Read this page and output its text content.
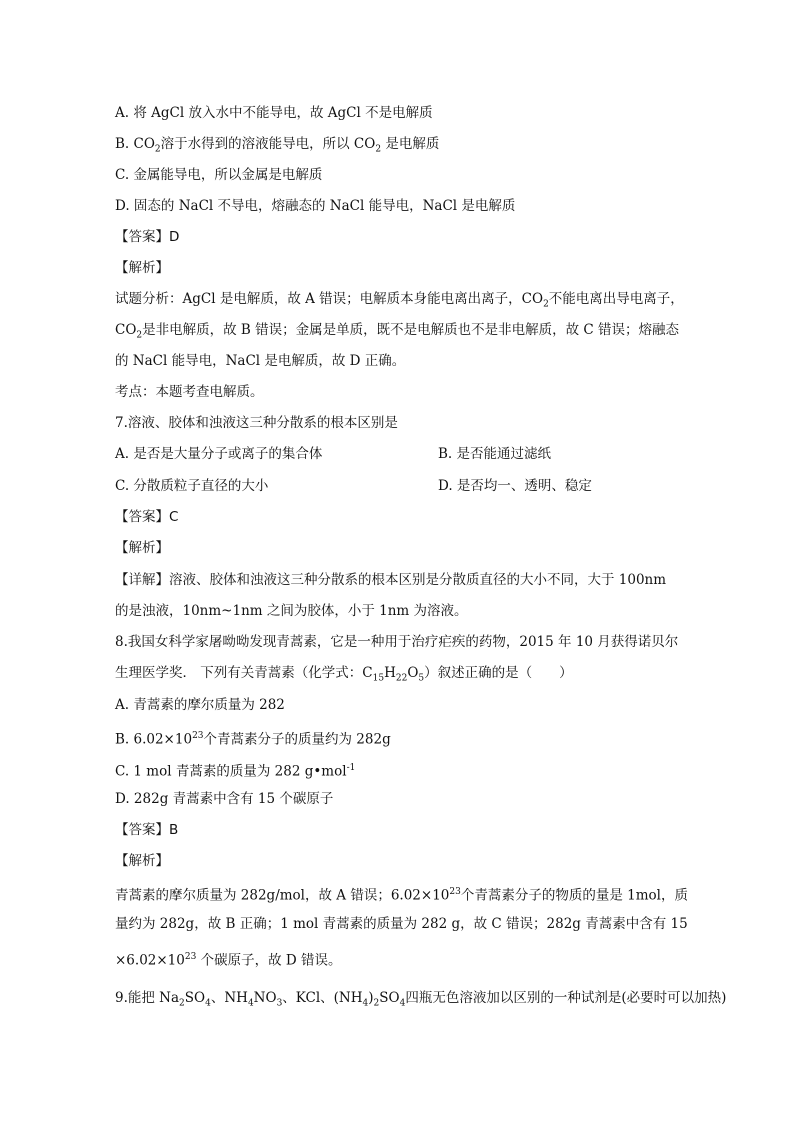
A. 将 AgCl 放入水中不能导电，故 AgCl 不是电解质
B. $CO_2$溶于水得到的溶液能导电，所以 $CO_2$ 是电解质
C. 金属能导电，所以金属是电解质
D. 固态的 NaCl 不导电，熔融态的 NaCl 能导电，NaCl 是电解质
【答案】D
【解析】
试题分析：AgCl 是电解质，故 A 错误；电解质本身能电离出离子，$CO_2$不能电离出导电离子，
$CO_2$是非电解质，故 B 错误；金属是单质，既不是电解质也不是非电解质，故 C 错误；熔融态
的 NaCl 能导电，NaCl 是电解质，故 D 正确。
考点：本题考查电解质。
7.溶液、胶体和浊液这三种分散系的根本区别是
A. 是否是大量分子或离子的集合体	B. 是否能通过滤纸
C. 分散质粒子直径的大小	D. 是否均一、透明、稳定
【答案】C
【解析】
【详解】溶液、胶体和浊液这三种分散系的根本区别是分散质直径的大小不同，大于 100nm
的是浊液，10nm~1nm 之间为胶体，小于 1nm 为溶液。
8.我国女科学家屠呦呦发现青蒿素，它是一种用于治疗疟疾的药物，2015 年 10 月获得诺贝尔
生理医学奖． 下列有关青蒿素（化学式：$C_{15}H_{22}O_5$）叙述正确的是（　　）
A. 青蒿素的摩尔质量为 282
B. $6.02\times 10^{23}$个青蒿素分子的质量约为 282g
C. 1 mol 青蒿素的质量为 282 g•mol$^{-1}$
D. 282g 青蒿素中含有 15 个碳原子
【答案】B
【解析】
青蒿素的摩尔质量为 282g/mol，故 A 错误；$6.02\times 10^{23}$个青蒿素分子的物质的量是 1mol，质
量约为 282g，故 B 正确；1 mol 青蒿素的质量为 282 g，故 C 错误；282g 青蒿素中含有 15
$\times 6.02\times 10^{23}$ 个碳原子，故 D 错误。
9.能把 $Na_2SO_4$、$NH_4NO_3$、KCl、$(NH_4)_2SO_4$四瓶无色溶液加以区别的一种试剂是(必要时可以加热)
